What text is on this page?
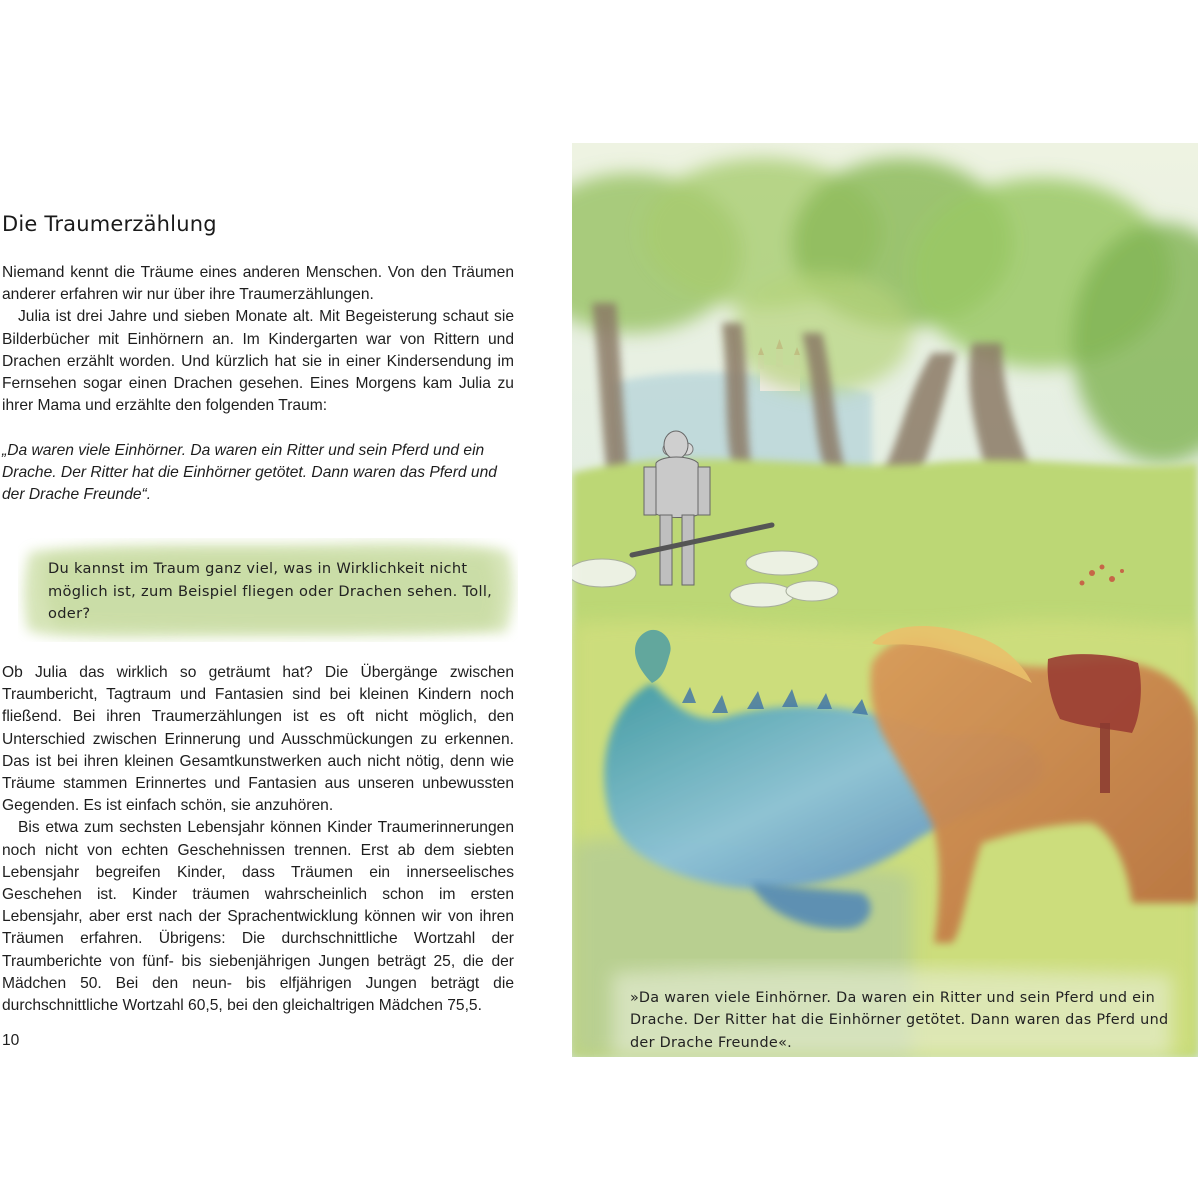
Die Traumerzählung

Niemand kennt die Träume eines anderen Menschen. Von den Träumen anderer erfahren wir nur über ihre Traumerzählungen.

Julia ist drei Jahre und sieben Monate alt. Mit Begeisterung schaut sie Bilderbücher mit Einhörnern an. Im Kindergarten war von Rittern und Drachen erzählt worden. Und kürzlich hat sie in einer Kindersendung im Fernsehen sogar einen Drachen gesehen. Eines Morgens kam Julia zu ihrer Mama und erzählte den folgenden Traum:

„Da waren viele Einhörner. Da waren ein Ritter und sein Pferd und ein Drache. Der Ritter hat die Einhörner getötet. Dann waren das Pferd und der Drache Freunde“.

Du kannst im Traum ganz viel, was in Wirklichkeit nicht möglich ist, zum Beispiel fliegen oder Drachen sehen. Toll, oder?

Ob Julia das wirklich so geträumt hat? Die Übergänge zwischen Traumbericht, Tagtraum und Fantasien sind bei kleinen Kindern noch fließend. Bei ihren Traumerzählungen ist es oft nicht möglich, den Unterschied zwischen Erinnerung und Ausschmückungen zu erkennen. Das ist bei ihren kleinen Gesamtkunstwerken auch nicht nötig, denn wie Träume stammen Erinnertes und Fantasien aus unseren unbewussten Gegenden. Es ist einfach schön, sie anzuhören.

Bis etwa zum sechsten Lebensjahr können Kinder Traumerinnerungen noch nicht von echten Geschehnissen trennen. Erst ab dem siebten Lebensjahr begreifen Kinder, dass Träumen ein innerseelisches Geschehen ist. Kinder träumen wahrscheinlich schon im ersten Lebensjahr, aber erst nach der Sprachentwicklung können wir von ihren Träumen erfahren. Übrigens: Die durchschnittliche Wortzahl der Traumberichte von fünf- bis siebenjährigen Jungen beträgt 25, die der Mädchen 50. Bei den neun- bis elfjährigen Jungen beträgt die durchschnittliche Wortzahl 60,5, bei den gleichaltrigen Mädchen 75,5.

10

»Da waren viele Einhörner. Da waren ein Ritter und sein Pferd und ein Drache. Der Ritter hat die Einhörner getötet. Dann waren das Pferd und der Drache Freunde«.
